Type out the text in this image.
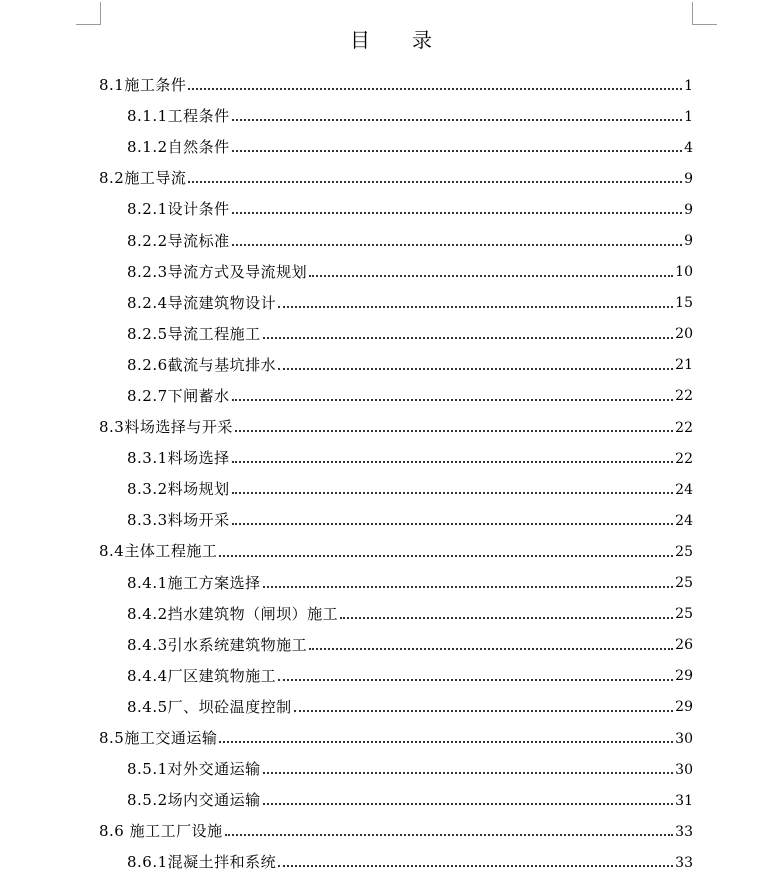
目 录
8.1施工条件	1
8.1.1工程条件	1
8.1.2自然条件	4
8.2施工导流	9
8.2.1设计条件	9
8.2.2导流标准	9
8.2.3导流方式及导流规划	10
8.2.4导流建筑物设计	15
8.2.5导流工程施工	20
8.2.6截流与基坑排水	21
8.2.7下闸蓄水	22
8.3料场选择与开采	22
8.3.1料场选择	22
8.3.2料场规划	24
8.3.3料场开采	24
8.4主体工程施工	25
8.4.1施工方案选择	25
8.4.2挡水建筑物（闸坝）施工	25
8.4.3引水系统建筑物施工	26
8.4.4厂区建筑物施工	29
8.4.5厂、坝砼温度控制	29
8.5施工交通运输	30
8.5.1对外交通运输	30
8.5.2场内交通运输	31
8.6 施工工厂设施	33
8.6.1混凝土拌和系统	33
